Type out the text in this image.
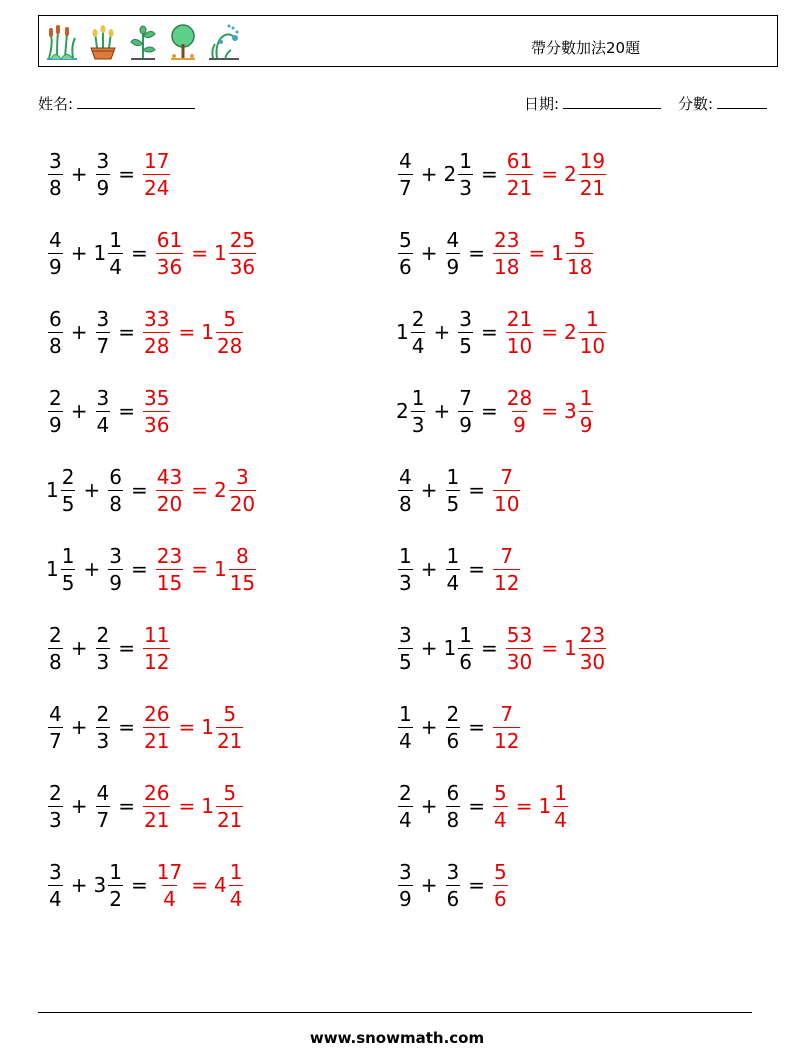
帶分數加法20題
姓名:	日期:	分數:
$\frac{3}{8} + \frac{3}{9} = \frac{17}{24}$	$\frac{4}{7} + 2 \frac{1}{3} = \frac{61}{21} = 2 \frac{19}{21}$
$\frac{4}{9} + 1 \frac{1}{4} = \frac{61}{36} = 1 \frac{25}{36}$	$\frac{5}{6} + \frac{4}{9} = \frac{23}{18} = 1 \frac{5}{18}$
$\frac{6}{8} + \frac{3}{7} = \frac{33}{28} = 1 \frac{5}{28}$	$1 \frac{2}{4} + \frac{3}{5} = \frac{21}{10} = 2 \frac{1}{10}$
$\frac{2}{9} + \frac{3}{4} = \frac{35}{36}$	$2 \frac{1}{3} + \frac{7}{9} = \frac{28}{9} = 3 \frac{1}{9}$
$1 \frac{2}{5} + \frac{6}{8} = \frac{43}{20} = 2 \frac{3}{20}$	$\frac{4}{8} + \frac{1}{5} = \frac{7}{10}$
$1 \frac{1}{5} + \frac{3}{9} = \frac{23}{15} = 1 \frac{8}{15}$	$\frac{1}{3} + \frac{1}{4} = \frac{7}{12}$
$\frac{2}{8} + \frac{2}{3} = \frac{11}{12}$	$\frac{3}{5} + 1 \frac{1}{6} = \frac{53}{30} = 1 \frac{23}{30}$
$\frac{4}{7} + \frac{2}{3} = \frac{26}{21} = 1 \frac{5}{21}$	$\frac{1}{4} + \frac{2}{6} = \frac{7}{12}$
$\frac{2}{3} + \frac{4}{7} = \frac{26}{21} = 1 \frac{5}{21}$	$\frac{2}{4} + \frac{6}{8} = \frac{5}{4} = 1 \frac{1}{4}$
$\frac{3}{4} + 3 \frac{1}{2} = \frac{17}{4} = 4 \frac{1}{4}$	$\frac{3}{9} + \frac{3}{6} = \frac{5}{6}$
www.snowmath.com
